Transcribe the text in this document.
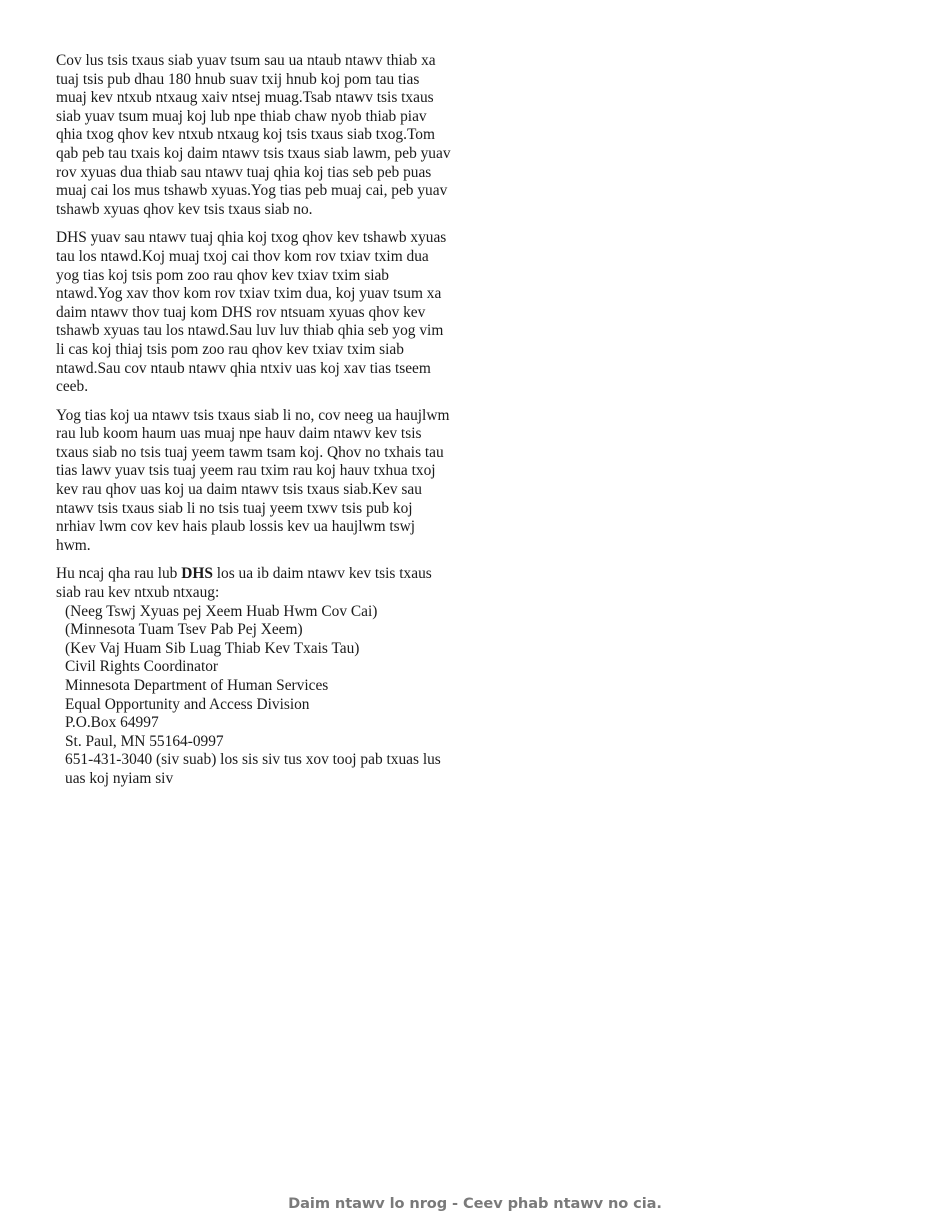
Cov lus tsis txaus siab yuav tsum sau ua ntaub ntawv thiab xa tuaj tsis pub dhau 180 hnub suav txij hnub koj pom tau tias muaj kev ntxub ntxaug xaiv ntsej muag.Tsab ntawv tsis txaus siab yuav tsum muaj koj lub npe thiab chaw nyob thiab piav qhia txog qhov kev ntxub ntxaug koj tsis txaus siab txog.Tom qab peb tau txais koj daim ntawv tsis txaus siab lawm, peb yuav rov xyuas dua thiab sau ntawv tuaj qhia koj tias seb peb puas muaj cai los mus tshawb xyuas.Yog tias peb muaj cai, peb yuav tshawb xyuas qhov kev tsis txaus siab no.

DHS yuav sau ntawv tuaj qhia koj txog qhov kev tshawb xyuas tau los ntawd.Koj muaj txoj cai thov kom rov txiav txim dua yog tias koj tsis pom zoo rau qhov kev txiav txim siab ntawd.Yog xav thov kom rov txiav txim dua, koj yuav tsum xa daim ntawv thov tuaj kom DHS rov ntsuam xyuas qhov kev tshawb xyuas tau los ntawd.Sau luv luv thiab qhia seb yog vim li cas koj thiaj tsis pom zoo rau qhov kev txiav txim siab ntawd.Sau cov ntaub ntawv qhia ntxiv uas koj xav tias tseem ceeb.

Yog tias koj ua ntawv tsis txaus siab li no, cov neeg ua haujlwm rau lub koom haum uas muaj npe hauv daim ntawv kev tsis txaus siab no tsis tuaj yeem tawm tsam koj. Qhov no txhais tau tias lawv yuav tsis tuaj yeem rau txim rau koj hauv txhua txoj kev rau qhov uas koj ua daim ntawv tsis txaus siab.Kev sau ntawv tsis txaus siab li no tsis tuaj yeem txwv tsis pub koj nrhiav lwm cov kev hais plaub lossis kev ua haujlwm tswj hwm.

Hu ncaj qha rau lub DHS los ua ib daim ntawv kev tsis txaus siab rau kev ntxub ntxaug:

(Neeg Tswj Xyuas pej Xeem Huab Hwm Cov Cai)
(Minnesota Tuam Tsev Pab Pej Xeem)
(Kev Vaj Huam Sib Luag Thiab Kev Txais Tau)
Civil Rights Coordinator
Minnesota Department of Human Services
Equal Opportunity and Access Division
P.O.Box 64997
St. Paul, MN 55164-0997
651-431-3040 (siv suab) los sis siv tus xov tooj pab txuas lus uas koj nyiam siv
Daim ntawv lo nrog - Ceev phab ntawv no cia.
